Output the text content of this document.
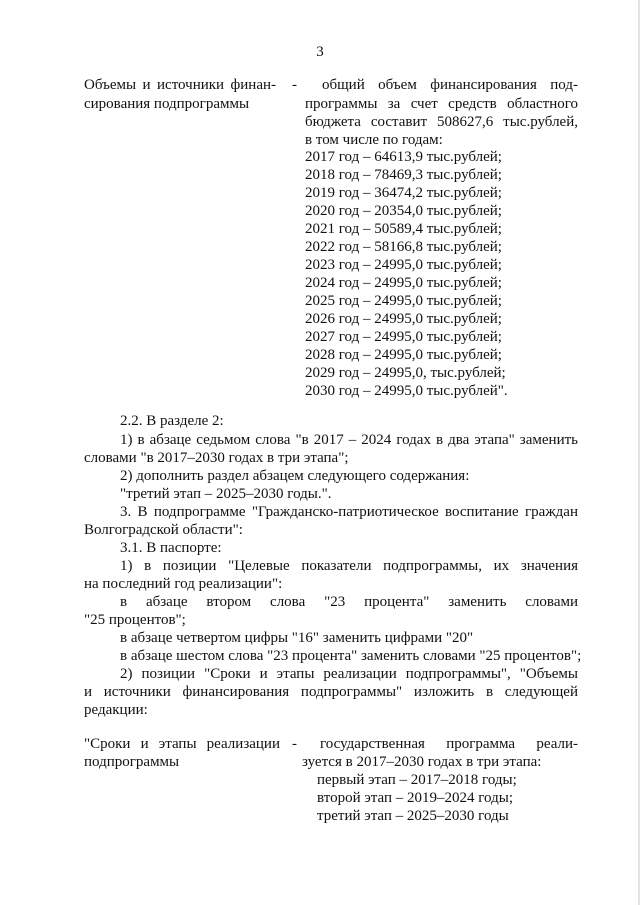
3
Объемы и источники финан-
сирования подпрограммы
- общий объем финансирования под-
программы за счет средств областного
бюджета составит 508627,6 тыс.рублей,
в том числе по годам:
2017 год – 64613,9 тыс.рублей;
2018 год – 78469,3 тыс.рублей;
2019 год – 36474,2 тыс.рублей;
2020 год – 20354,0 тыс.рублей;
2021 год – 50589,4 тыс.рублей;
2022 год – 58166,8 тыс.рублей;
2023 год – 24995,0 тыс.рублей;
2024 год – 24995,0 тыс.рублей;
2025 год – 24995,0 тыс.рублей;
2026 год – 24995,0 тыс.рублей;
2027 год – 24995,0 тыс.рублей;
2028 год – 24995,0 тыс.рублей;
2029 год – 24995,0, тыс.рублей;
2030 год – 24995,0 тыс.рублей".
2.2. В разделе 2:
1) в абзаце седьмом слова "в 2017 – 2024 годах в два этапа" заменить
словами "в 2017–2030 годах в три этапа";
2) дополнить раздел абзацем следующего содержания:
"третий этап – 2025–2030 годы.".
3. В подпрограмме "Гражданско-патриотическое воспитание граждан
Волгоградской области":
3.1. В паспорте:
1) в позиции "Целевые показатели подпрограммы, их значения
на последний год реализации":
в абзаце втором слова "23 процента" заменить словами
"25 процентов";
в абзаце четвертом цифры "16" заменить цифрами "20"
в абзаце шестом слова "23 процента" заменить словами "25 процентов";
2) позиции "Сроки и этапы реализации подпрограммы", "Объемы
и источники финансирования подпрограммы" изложить в следующей
редакции:
"Сроки и этапы реализации
подпрограммы
- государственная программа реали-
зуется в 2017–2030 годах в три этапа:
первый этап – 2017–2018 годы;
второй этап – 2019–2024 годы;
третий этап – 2025–2030 годы
